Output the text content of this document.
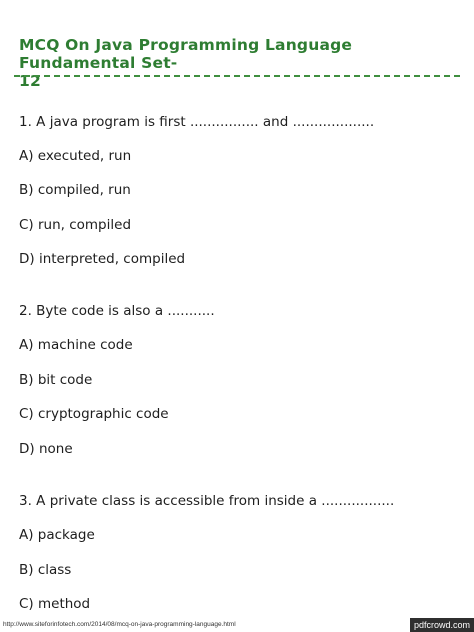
MCQ On Java Programming Language Fundamental Set-
12
1. A java program is first ................ and ...................
A) executed, run
B) compiled, run
C) run, compiled
D) interpreted, compiled
2. Byte code is also a ...........
A) machine code
B) bit code
C) cryptographic code
D) none
3. A private class is accessible from inside a .................
A) package
B) class
C) method
http://www.siteforinfotech.com/2014/08/mcq-on-java-programming-language.html	pdfcrowd.com
